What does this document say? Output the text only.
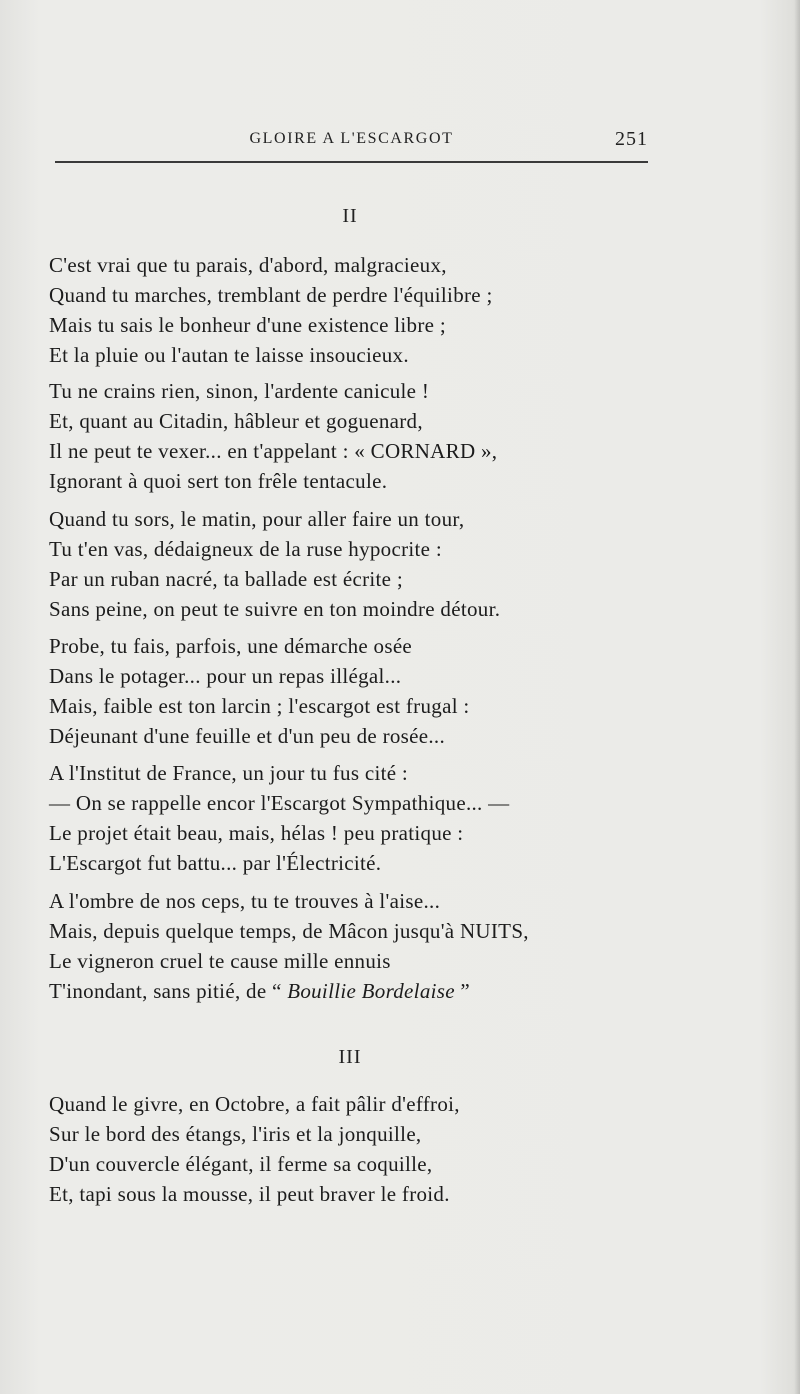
GLOIRE A L'ESCARGOT	251
II
C'est vrai que tu parais, d'abord, malgracieux,
Quand tu marches, tremblant de perdre l'équilibre ;
Mais tu sais le bonheur d'une existence libre ;
Et la pluie ou l'autan te laisse insoucieux.
Tu ne crains rien, sinon, l'ardente canicule !
Et, quant au Citadin, hâbleur et goguenard,
Il ne peut te vexer... en t'appelant : « CORNARD »,
Ignorant à quoi sert ton frêle tentacule.
Quand tu sors, le matin, pour aller faire un tour,
Tu t'en vas, dédaigneux de la ruse hypocrite :
Par un ruban nacré, ta ballade est écrite ;
Sans peine, on peut te suivre en ton moindre détour.
Probe, tu fais, parfois, une démarche osée
Dans le potager... pour un repas illégal...
Mais, faible est ton larcin ; l'escargot est frugal :
Déjeunant d'une feuille et d'un peu de rosée...
A l'Institut de France, un jour tu fus cité :
— On se rappelle encor l'Escargot Sympathique... —
Le projet était beau, mais, hélas ! peu pratique :
L'Escargot fut battu... par l'Électricité.
A l'ombre de nos ceps, tu te trouves à l'aise...
Mais, depuis quelque temps, de Mâcon jusqu'à NUITS,
Le vigneron cruel te cause mille ennuis
T'inondant, sans pitié, de “ Bouillie Bordelaise ”
III
Quand le givre, en Octobre, a fait pâlir d'effroi,
Sur le bord des étangs, l'iris et la jonquille,
D'un couvercle élégant, il ferme sa coquille,
Et, tapi sous la mousse, il peut braver le froid.
